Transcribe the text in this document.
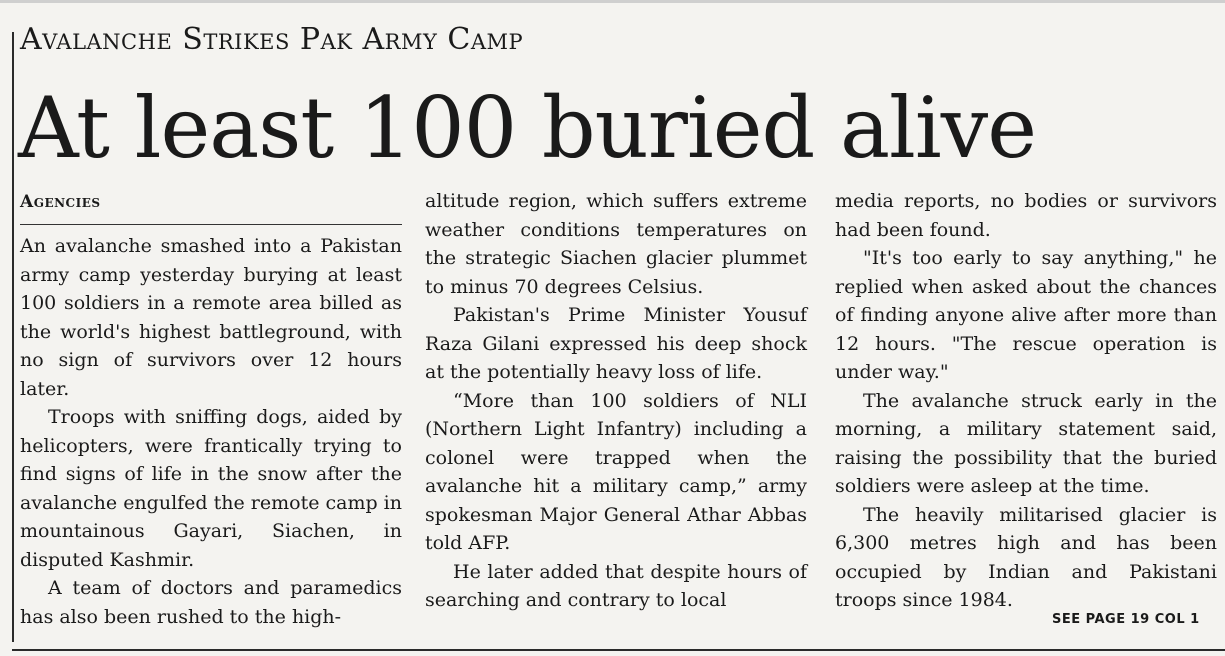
Avalanche Strikes Pak Army Camp
At least 100 buried alive
Agencies

An avalanche smashed into a Pakistan army camp yesterday burying at least 100 soldiers in a remote area billed as the world's highest battleground, with no sign of survivors over 12 hours later.

Troops with sniffing dogs, aided by helicopters, were frantically trying to find signs of life in the snow after the avalanche engulfed the remote camp in mountainous Gayari, Siachen, in disputed Kashmir.

A team of doctors and paramedics has also been rushed to the high-

altitude region, which suffers extreme weather conditions temperatures on the strategic Siachen glacier plummet to minus 70 degrees Celsius.

Pakistan's Prime Minister Yousuf Raza Gilani expressed his deep shock at the potentially heavy loss of life.

“More than 100 soldiers of NLI (Northern Light Infantry) including a colonel were trapped when the avalanche hit a military camp,” army spokesman Major General Athar Abbas told AFP.

He later added that despite hours of searching and contrary to local

media reports, no bodies or survivors had been found.

"It's too early to say anything," he replied when asked about the chances of finding anyone alive after more than 12 hours. "The rescue operation is under way."

The avalanche struck early in the morning, a military statement said, raising the possibility that the buried soldiers were asleep at the time.

The heavily militarised glacier is 6,300 metres high and has been occupied by Indian and Pakistani troops since 1984.

SEE PAGE 19 COL 1
